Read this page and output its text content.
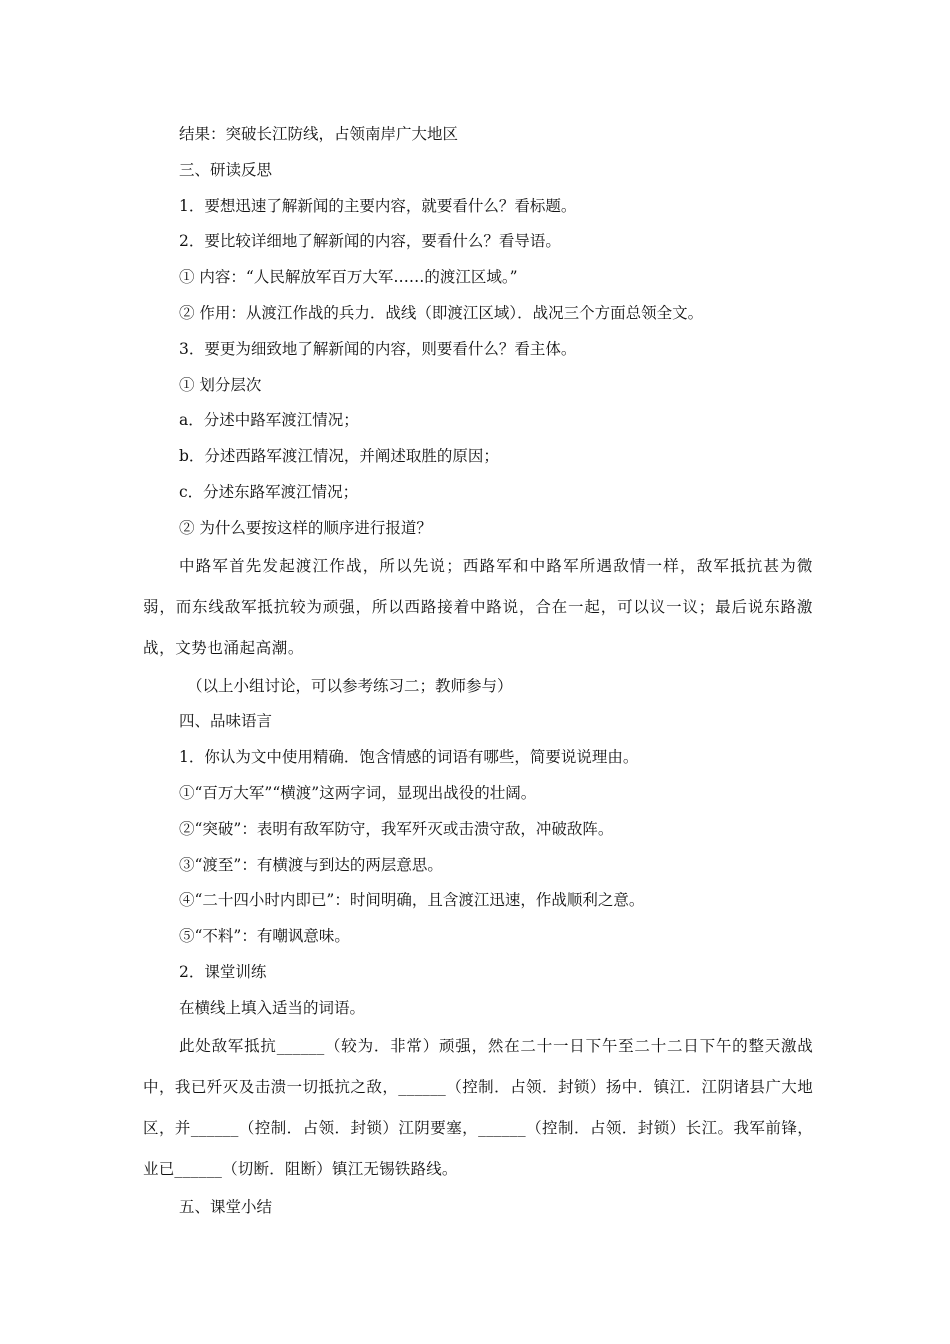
结果：突破长江防线，占领南岸广大地区
三、研读反思
1．要想迅速了解新闻的主要内容，就要看什么？看标题。
2．要比较详细地了解新闻的内容，要看什么？看导语。
① 内容：“人民解放军百万大军……的渡江区域。”
② 作用：从渡江作战的兵力．战线（即渡江区域）．战况三个方面总领全文。
3．要更为细致地了解新闻的内容，则要看什么？看主体。
① 划分层次
a．分述中路军渡江情况；
b．分述西路军渡江情况，并阐述取胜的原因；
c．分述东路军渡江情况；
② 为什么要按这样的顺序进行报道？
中路军首先发起渡江作战，所以先说；西路军和中路军所遇敌情一样，敌军抵抗甚为微弱，而东线敌军抵抗较为顽强，所以西路接着中路说，合在一起，可以议一议；最后说东路激战，文势也涌起高潮。
（以上小组讨论，可以参考练习二；教师参与）
四、品味语言
1．你认为文中使用精确．饱含情感的词语有哪些，简要说说理由。
①“百万大军”“横渡”这两字词，显现出战役的壮阔。
②“突破”：表明有敌军防守，我军歼灭或击溃守敌，冲破敌阵。
③“渡至”：有横渡与到达的两层意思。
④“二十四小时内即已”：时间明确，且含渡江迅速，作战顺利之意。
⑤“不料”：有嘲讽意味。
2．课堂训练
在横线上填入适当的词语。
此处敌军抵抗______（较为．非常）顽强，然在二十一日下午至二十二日下午的整天激战中，我已歼灭及击溃一切抵抗之敌，______（控制．占领．封锁）扬中．镇江．江阴诸县广大地区，并______（控制．占领．封锁）江阴要塞，______（控制．占领．封锁）长江。我军前锋，业已______（切断．阻断）镇江无锡铁路线。
五、课堂小结
